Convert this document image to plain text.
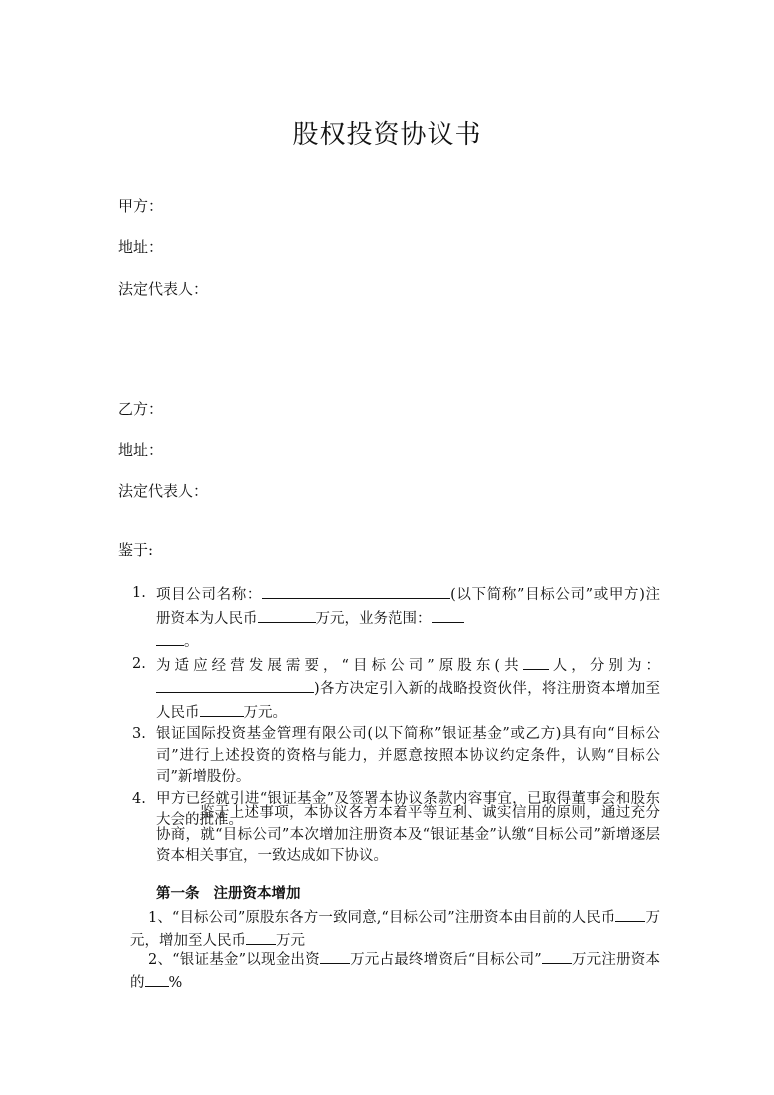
股权投资协议书

甲方：

地址：

法定代表人：

乙方：

地址：

法定代表人：

鉴于:

1. 项目公司名称：	(以下简称”目标公司”或甲方)注册资本为人民币	万元，业务范围：
。
2. 为适应经营发展需要，“目标公司”原股东(共 人，分别为：)各方决定引入新的战略投资伙伴，将注册资本增加至人民币	万元。
3. 银证国际投资基金管理有限公司(以下简称”银证基金”或乙方)具有向“目标公司”进行上述投资的资格与能力，并愿意按照本协议约定条件，认购“目标公司”新增股份。
4. 甲方已经就引进“银证基金”及签署本协议条款内容事宜，已取得董事会和股东大会的批准。

鉴于上述事项，本协议各方本着平等互利、诚实信用的原则，通过充分协商，就“目标公司”本次增加注册资本及“银证基金”认缴“目标公司”新增逐层资本相关事宜，一致达成如下协议。

第一条 注册资本增加

1、“目标公司”原股东各方一致同意,“目标公司”注册资本由目前的人民币 万元，增加至人民币 万元

2、“银证基金”以现金出资 万元占最终增资后“目标公司” 万元注册资本的 %
